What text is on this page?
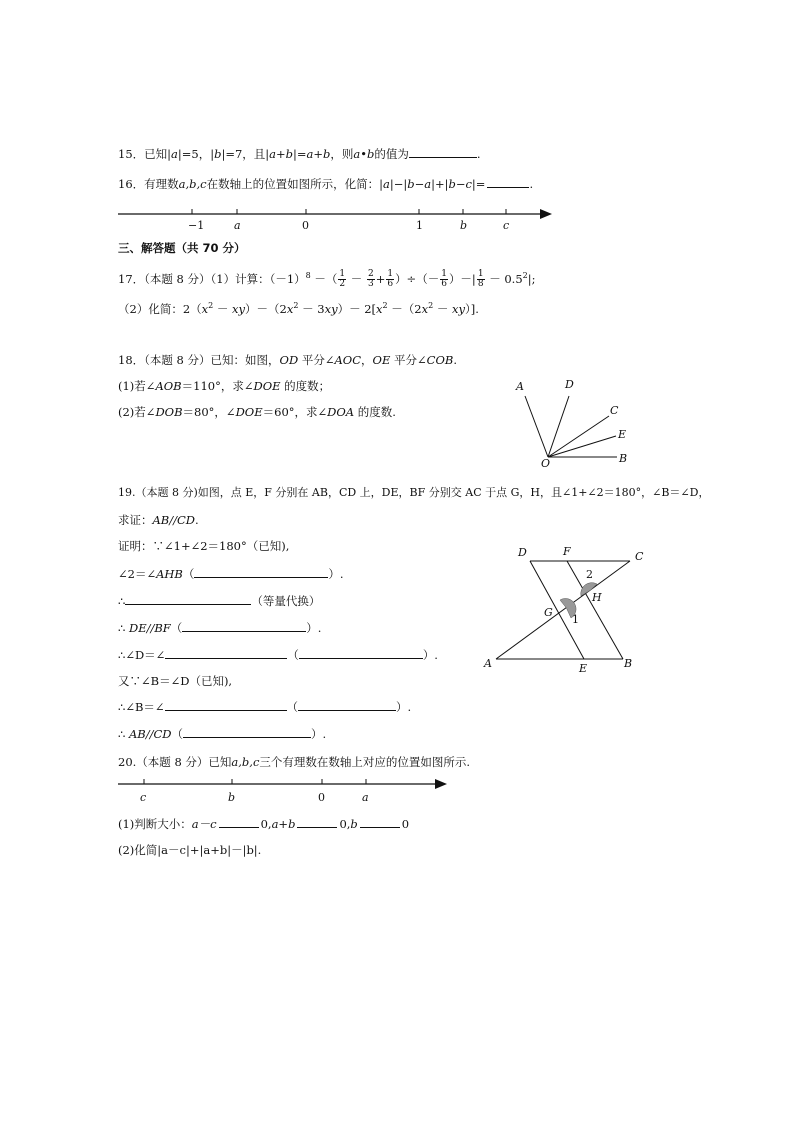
15．已知|a|=5，|b|=7，且|a+b|=a+b，则a•b的值为	.
16．有理数a,b,c在数轴上的位置如图所示，化简：|a|−|b−a|+|b−c|=	.
−1	a	0	1	b	c
三、解答题（共 70 分）
17．（本题 8 分）（1）计算：$(-1)^8$ －（ $\frac{1}{2} - \frac{2}{3} + \frac{1}{6}$ ）÷（－ $\frac{1}{6}$ ）－| $\frac{1}{8} - 0.5^2|$;
（2）化简：$2(x^2 - xy)-(2x^2 - 3xy)- 2[x^2 -(2x^2 - xy)]$.
18．（本题 8 分）已知：如图，OD 平分∠AOC，OE 平分∠COB.
(1)若∠AOB＝110°，求∠DOE 的度数；
(2)若∠DOB＝80°，∠DOE＝60°，求∠DOA 的度数.
A	D
C
E
O	B
19.（本题 8 分)如图，点 E，F 分别在 AB，CD 上，DE，BF 分别交 AC 于点 G，H，且∠1+∠2＝180°，∠B＝∠D，
求证：AB//CD.
证明：∵∠1+∠2＝180°（已知),
∠2＝∠AHB（	）.
∴	（等量代换）
∴ DE//BF（	）.
∴∠D＝∠	（	）.
又∵∠B＝∠D（已知),
∴∠B＝∠	（	）.
∴ AB//CD（	）.
D	F	C
2
H
G
1
A	E	B
20.（本题 8 分）已知a,b,c三个有理数在数轴上对应的位置如图所示.
c	b	0	a
(1)判断大小：a－c	0,a+b	0,b	0
(2)化简|a－c|+|a+b|－|b|.
